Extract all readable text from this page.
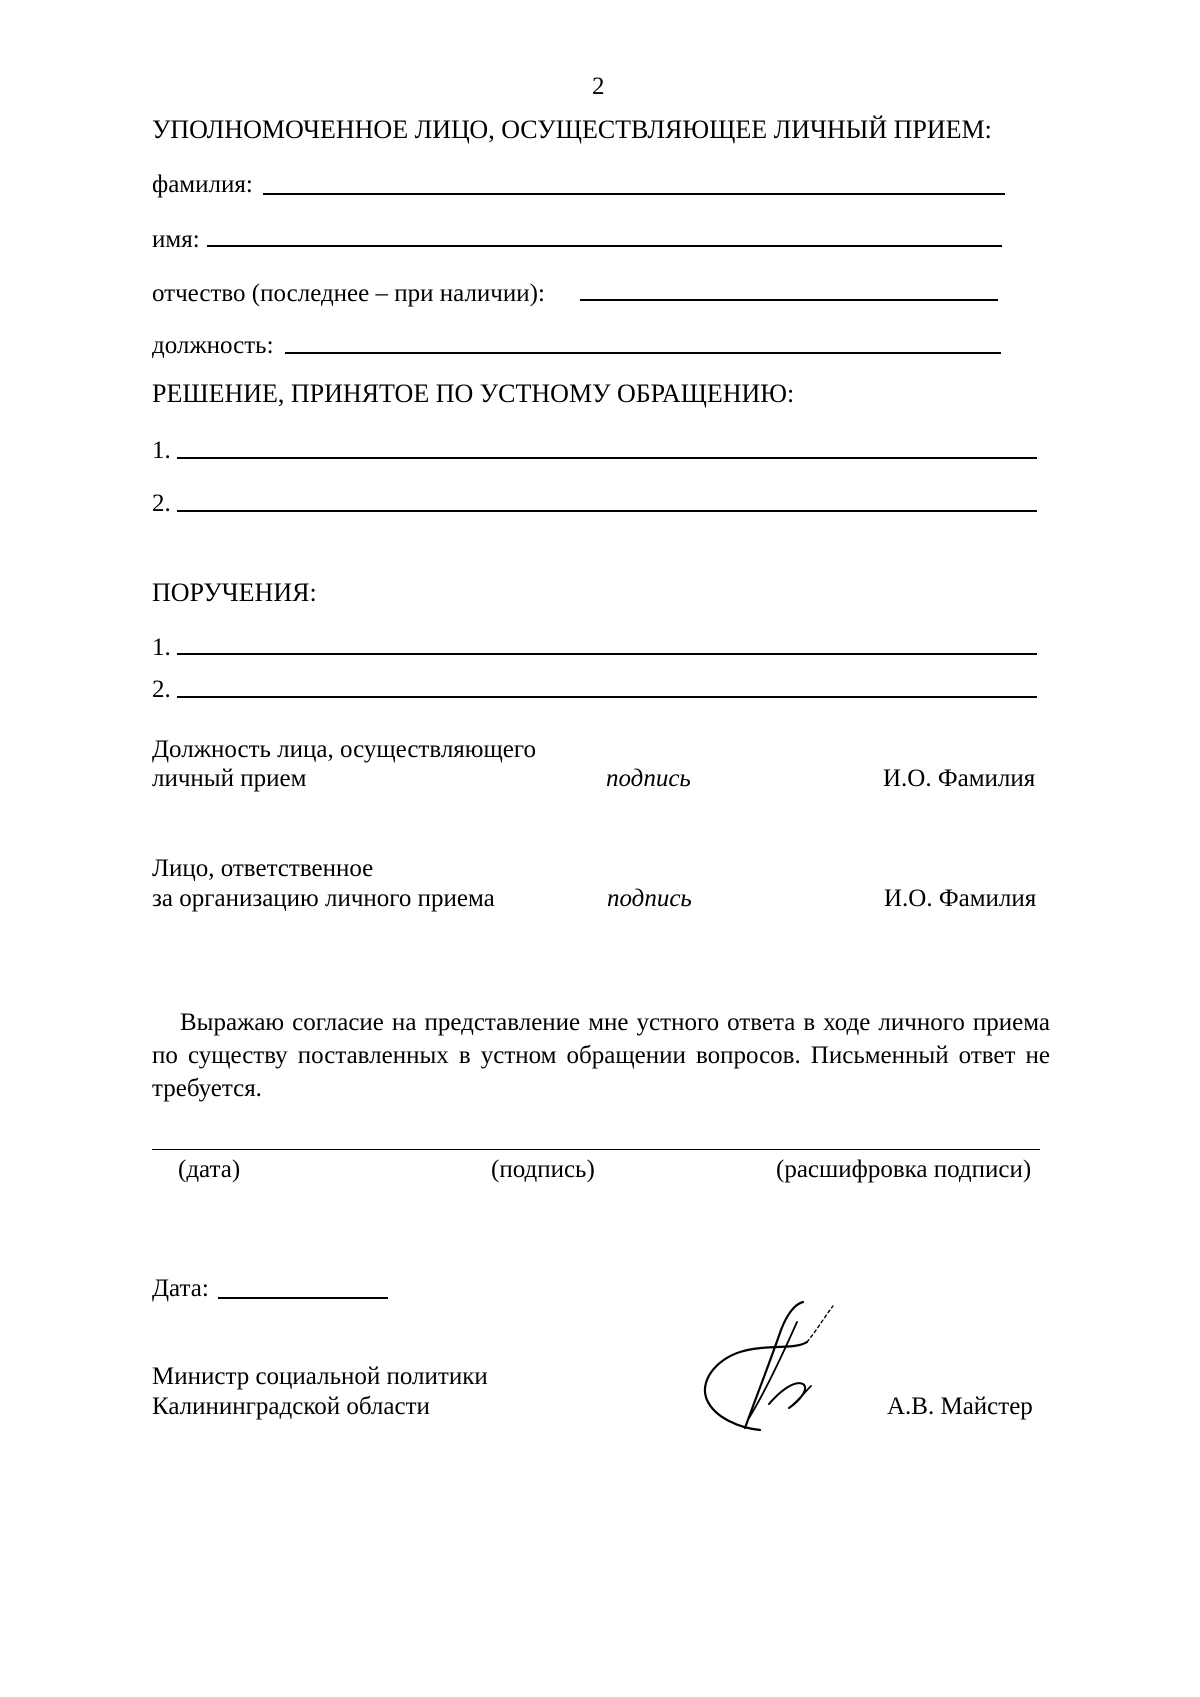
2
УПОЛНОМОЧЕННОЕ ЛИЦО, ОСУЩЕСТВЛЯЮЩЕЕ ЛИЧНЫЙ ПРИЕМ:
фамилия:
имя:
отчество (последнее – при наличии):
должность:
РЕШЕНИЕ, ПРИНЯТОЕ ПО УСТНОМУ ОБРАЩЕНИЮ:
1.
2.
ПОРУЧЕНИЯ:
1.
2.
Должность лица, осуществляющего
личный прием	подпись	И.О. Фамилия
Лицо, ответственное
за организацию личного приема	подпись	И.О. Фамилия
Выражаю согласие на представление мне устного ответа в ходе личного приема по существу поставленных в устном обращении вопросов. Письменный ответ не требуется.
(дата)	(подпись)	(расшифровка подписи)
Дата:
Министр социальной политики
Калининградской области	А.В. Майстер
